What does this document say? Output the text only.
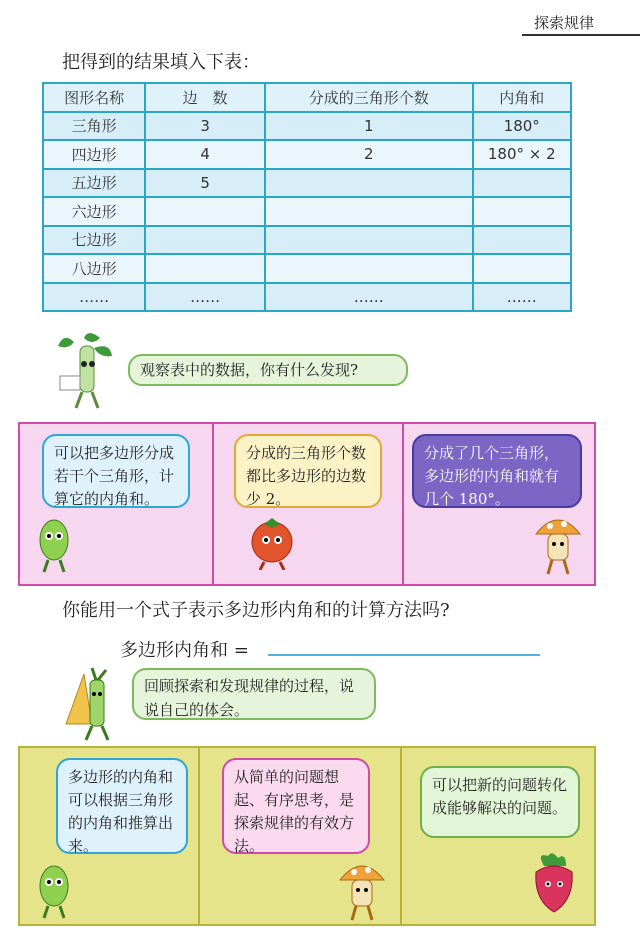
探索规律
把得到的结果填入下表：
图形名称	边　数	分成的三角形个数	内角和
三角形	3	1	180°
四边形	4	2	180° × 2
五边形	5		
六边形			
七边形			
八边形			
……	……	……	……
观察表中的数据，你有什么发现?
可以把多边形分成若干个三角形，计算它的内角和。
分成的三角形个数都比多边形的边数少 2。
分成了几个三角形，多边形的内角和就有几个 180°。
你能用一个式子表示多边形内角和的计算方法吗?
多边形内角和 =
回顾探索和发现规律的过程，说说自己的体会。
多边形的内角和可以根据三角形的内角和推算出来。
从简单的问题想起、有序思考，是探索规律的有效方法。
可以把新的问题转化成能够解决的问题。
